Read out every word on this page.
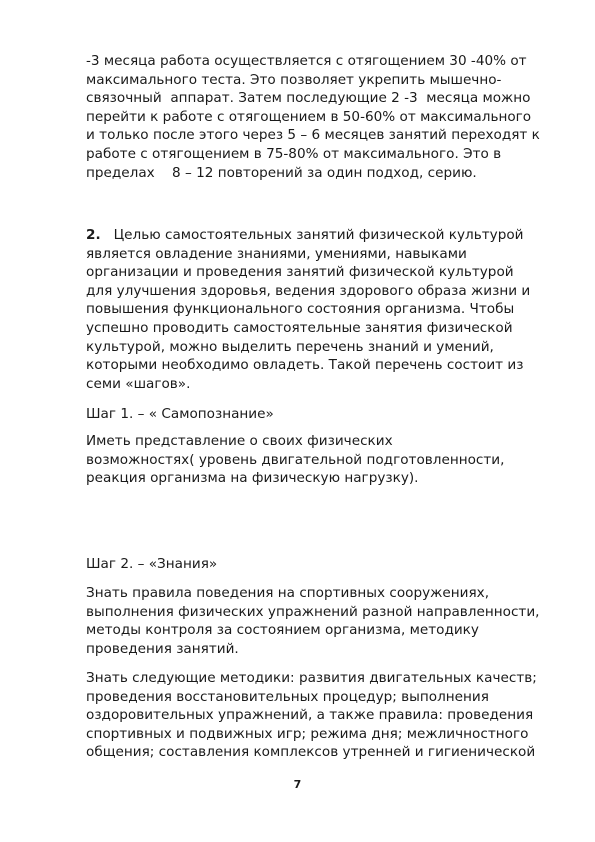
-3 месяца работа осуществляется с отягощением 30 -40% от
максимального теста. Это позволяет укрепить мышечно-
связочный  аппарат. Затем последующие 2 -3  месяца можно
перейти к работе с отягощением в 50-60% от максимального
и только после этого через 5 – 6 месяцев занятий переходят к
работе с отягощением в 75-80% от максимального. Это в
пределах    8 – 12 повторений за один подход, серию.
2.   Целью самостоятельных занятий физической культурой
является овладение знаниями, умениями, навыками
организации и проведения занятий физической культурой
для улучшения здоровья, ведения здорового образа жизни и
повышения функционального состояния организма. Чтобы
успешно проводить самостоятельные занятия физической
культурой, можно выделить перечень знаний и умений,
которыми необходимо овладеть. Такой перечень состоит из
семи «шагов».
Шаг 1. – « Самопознание»
Иметь представление о своих физических
возможностях( уровень двигательной подготовленности,
реакция организма на физическую нагрузку).
Шаг 2. – «Знания»
Знать правила поведения на спортивных сооружениях,
выполнения физических упражнений разной направленности,
методы контроля за состоянием организма, методику
проведения занятий.
Знать следующие методики: развития двигательных качеств;
проведения восстановительных процедур; выполнения
оздоровительных упражнений, а также правила: проведения
спортивных и подвижных игр; режима дня; межличностного
общения; составления комплексов утренней и гигиенической
7
